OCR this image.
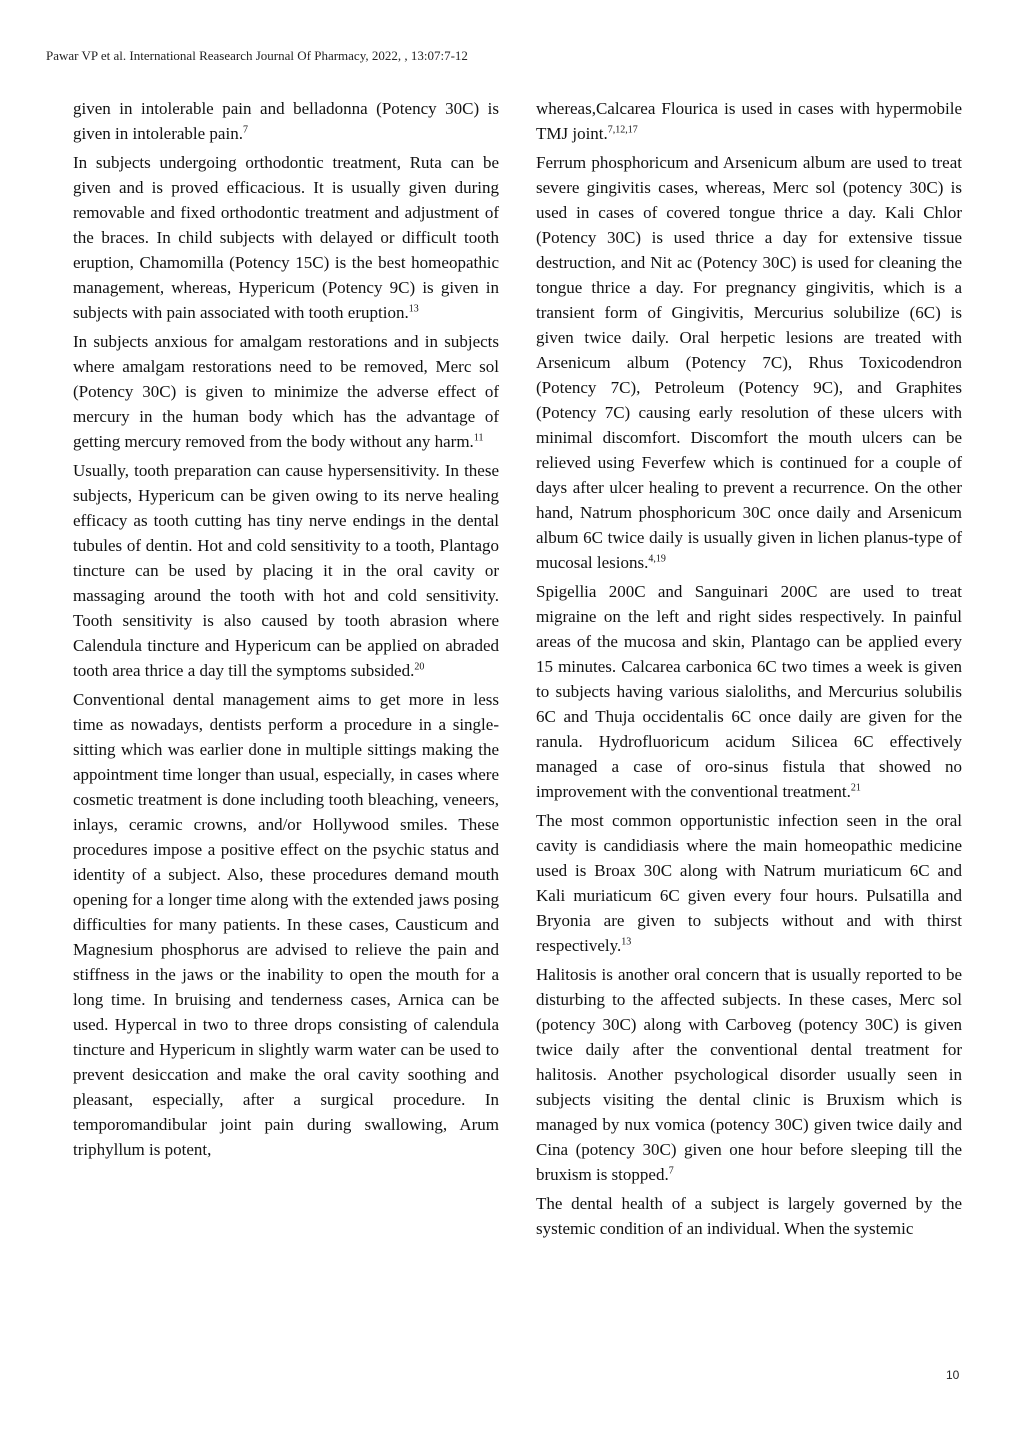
Pawar VP et al. International Reasearch Journal Of Pharmacy, 2022, , 13:07:7-12

given in intolerable pain and belladonna (Potency 30C) is given in intolerable pain.$^7$

In subjects undergoing orthodontic treatment, Ruta can be given and is proved efficacious. It is usually given during removable and fixed orthodontic treatment and adjustment of the braces. In child subjects with delayed or difficult tooth eruption, Chamomilla (Potency 15C) is the best homeopathic management, whereas, Hypericum (Potency 9C) is given in subjects with pain associated with tooth eruption.$^{13}$

In subjects anxious for amalgam restorations and in subjects where amalgam restorations need to be removed, Merc sol (Potency 30C) is given to minimize the adverse effect of mercury in the human body which has the advantage of getting mercury removed from the body without any harm.$^{11}$

Usually, tooth preparation can cause hypersensitivity. In these subjects, Hypericum can be given owing to its nerve healing efficacy as tooth cutting has tiny nerve endings in the dental tubules of dentin. Hot and cold sensitivity to a tooth, Plantago tincture can be used by placing it in the oral cavity or massaging around the tooth with hot and cold sensitivity. Tooth sensitivity is also caused by tooth abrasion where Calendula tincture and Hypericum can be applied on abraded tooth area thrice a day till the symptoms subsided.$^{20}$

Conventional dental management aims to get more in less time as nowadays, dentists perform a procedure in a single-sitting which was earlier done in multiple sittings making the appointment time longer than usual, especially, in cases where cosmetic treatment is done including tooth bleaching, veneers, inlays, ceramic crowns, and/or Hollywood smiles. These procedures impose a positive effect on the psychic status and identity of a subject. Also, these procedures demand mouth opening for a longer time along with the extended jaws posing difficulties for many patients. In these cases, Causticum and Magnesium phosphorus are advised to relieve the pain and stiffness in the jaws or the inability to open the mouth for a long time. In bruising and tenderness cases, Arnica can be used. Hypercal in two to three drops consisting of calendula tincture and Hypericum in slightly warm water can be used to prevent desiccation and make the oral cavity soothing and pleasant, especially, after a surgical procedure. In temporomandibular joint pain during swallowing, Arum triphyllum is potent,

whereas,Calcarea Flourica is used in cases with hypermobile TMJ joint.$^{7,12,17}$

Ferrum phosphoricum and Arsenicum album are used to treat severe gingivitis cases, whereas, Merc sol (potency 30C) is used in cases of covered tongue thrice a day. Kali Chlor (Potency 30C) is used thrice a day for extensive tissue destruction, and Nit ac (Potency 30C) is used for cleaning the tongue thrice a day. For pregnancy gingivitis, which is a transient form of Gingivitis, Mercurius solubilize (6C) is given twice daily. Oral herpetic lesions are treated with Arsenicum album (Potency 7C), Rhus Toxicodendron (Potency 7C), Petroleum (Potency 9C), and Graphites (Potency 7C) causing early resolution of these ulcers with minimal discomfort. Discomfort the mouth ulcers can be relieved using Feverfew which is continued for a couple of days after ulcer healing to prevent a recurrence. On the other hand, Natrum phosphoricum 30C once daily and Arsenicum album 6C twice daily is usually given in lichen planus-type of mucosal lesions.$^{4,19}$

Spigellia 200C and Sanguinari 200C are used to treat migraine on the left and right sides respectively. In painful areas of the mucosa and skin, Plantago can be applied every 15 minutes. Calcarea carbonica 6C two times a week is given to subjects having various sialoliths, and Mercurius solubilis 6C and Thuja occidentalis 6C once daily are given for the ranula. Hydrofluoricum acidum Silicea 6C effectively managed a case of oro-sinus fistula that showed no improvement with the conventional treatment.$^{21}$

The most common opportunistic infection seen in the oral cavity is candidiasis where the main homeopathic medicine used is Broax 30C along with Natrum muriaticum 6C and Kali muriaticum 6C given every four hours. Pulsatilla and Bryonia are given to subjects without and with thirst respectively.$^{13}$

Halitosis is another oral concern that is usually reported to be disturbing to the affected subjects. In these cases, Merc sol (potency 30C) along with Carboveg (potency 30C) is given twice daily after the conventional dental treatment for halitosis. Another psychological disorder usually seen in subjects visiting the dental clinic is Bruxism which is managed by nux vomica (potency 30C) given twice daily and Cina (potency 30C) given one hour before sleeping till the bruxism is stopped.$^7$

The dental health of a subject is largely governed by the systemic condition of an individual. When the systemic

10
